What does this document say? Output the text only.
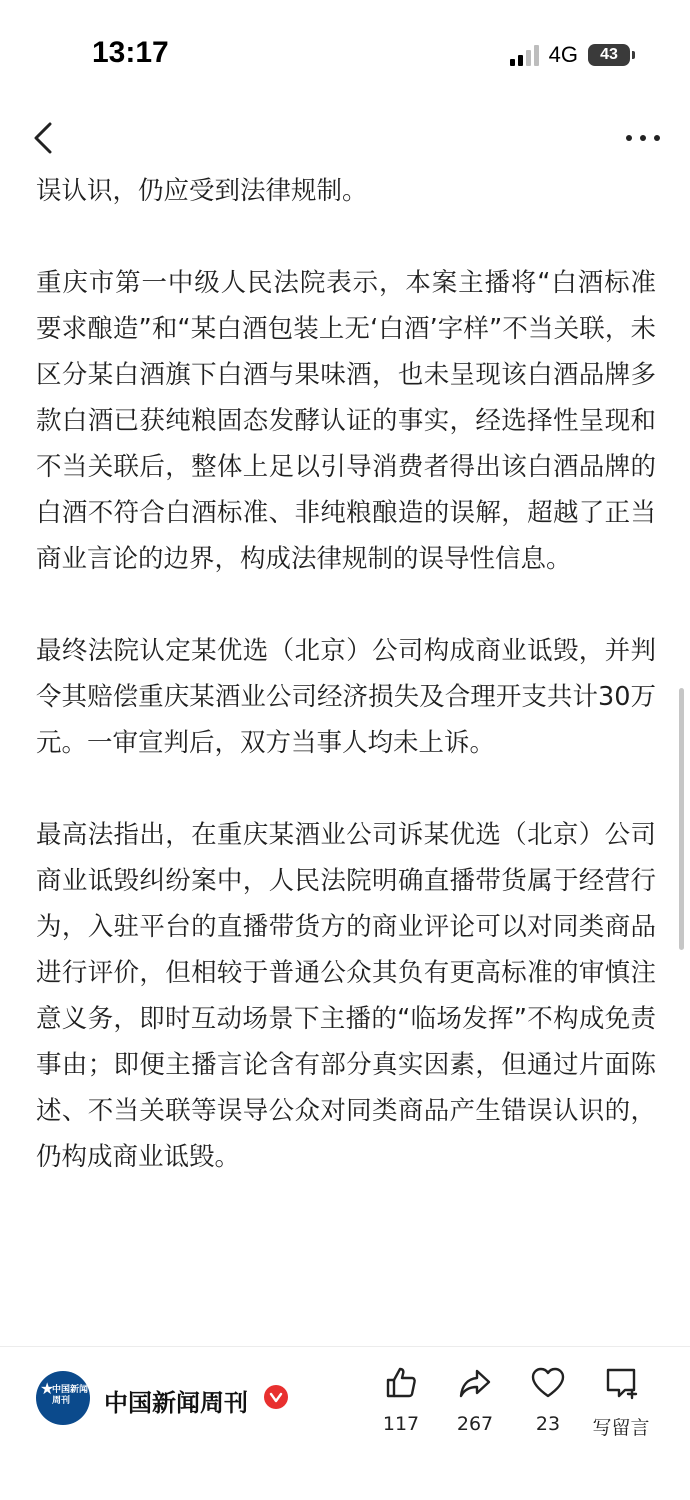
13:17	4G 43

误认识，仍应受到法律规制。

重庆市第一中级人民法院表示，本案主播将“白酒标准要求酿造”和“某白酒包装上无‘白酒’字样”不当关联，未区分某白酒旗下白酒与果味酒，也未呈现该白酒品牌多款白酒已获纯粮固态发酵认证的事实，经选择性呈现和不当关联后，整体上足以引导消费者得出该白酒品牌的白酒不符合白酒标准、非纯粮酿造的误解，超越了正当商业言论的边界，构成法律规制的误导性信息。

最终法院认定某优选（北京）公司构成商业诋毁，并判令其赔偿重庆某酒业公司经济损失及合理开支共计30万元。一审宣判后，双方当事人均未上诉。

最高法指出，在重庆某酒业公司诉某优选（北京）公司商业诋毁纠纷案中，人民法院明确直播带货属于经营行为，入驻平台的直播带货方的商业评论可以对同类商品进行评价，但相较于普通公众其负有更高标准的审慎注意义务，即时互动场景下主播的“临场发挥”不构成免责事由；即便主播言论含有部分真实因素，但通过片面陈述、不当关联等误导公众对同类商品产生错误认识的，仍构成商业诋毁。

★
中国新闻周刊	中国新闻周刊
117 267 23 写留言
